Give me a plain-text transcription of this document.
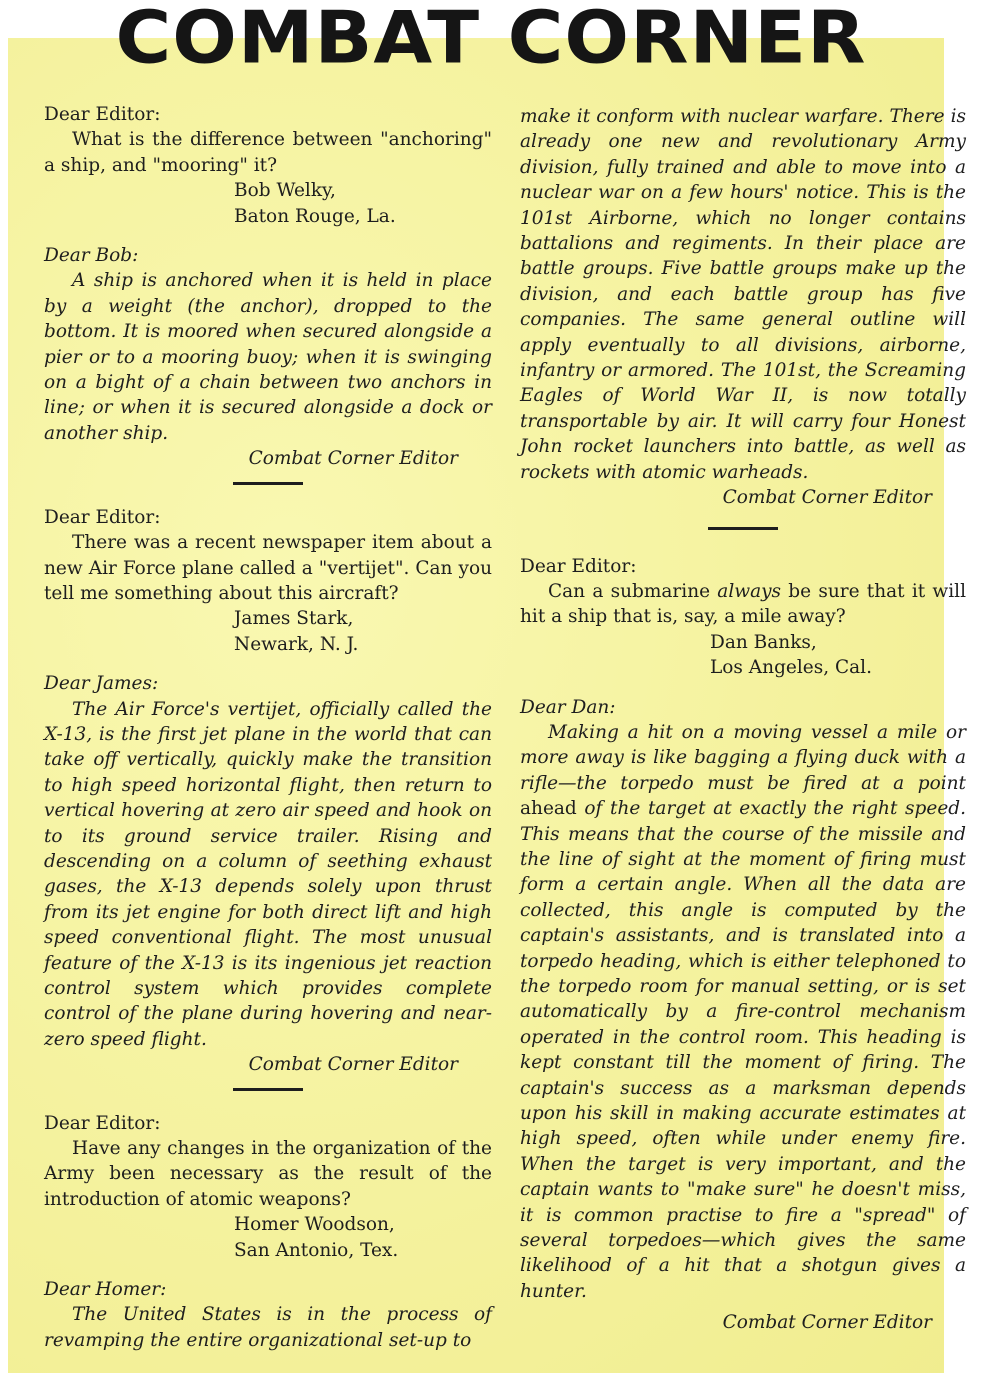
COMBAT CORNER

Dear Editor:

What is the difference between "anchoring" a ship, and "mooring" it?

Bob Welky,

Baton Rouge, La.

Dear Bob:

A ship is anchored when it is held in place by a weight (the anchor), dropped to the bottom. It is moored when secured alongside a pier or to a mooring buoy; when it is swinging on a bight of a chain between two anchors in line; or when it is secured alongside a dock or another ship.

Combat Corner Editor

Dear Editor:

There was a recent newspaper item about a new Air Force plane called a "vertijet". Can you tell me something about this aircraft?

James Stark,

Newark, N. J.

Dear James:

The Air Force's vertijet, officially called the X-13, is the first jet plane in the world that can take off vertically, quickly make the transition to high speed horizontal flight, then return to vertical hovering at zero air speed and hook on to its ground service trailer. Rising and descending on a column of seething exhaust gases, the X-13 depends solely upon thrust from its jet engine for both direct lift and high speed conventional flight. The most unusual feature of the X-13 is its ingenious jet reaction control system which provides complete control of the plane during hovering and near-zero speed flight.

Combat Corner Editor

Dear Editor:

Have any changes in the organization of the Army been necessary as the result of the introduction of atomic weapons?

Homer Woodson,

San Antonio, Tex.

Dear Homer:

The United States is in the process of revamping the entire organizational set-up to

make it conform with nuclear warfare. There is already one new and revolutionary Army division, fully trained and able to move into a nuclear war on a few hours' notice. This is the 101st Airborne, which no longer contains battalions and regiments. In their place are battle groups. Five battle groups make up the division, and each battle group has five companies. The same general outline will apply eventually to all divisions, airborne, infantry or armored. The 101st, the Screaming Eagles of World War II, is now totally transportable by air. It will carry four Honest John rocket launchers into battle, as well as rockets with atomic warheads.

Combat Corner Editor

Dear Editor:

Can a submarine always be sure that it will hit a ship that is, say, a mile away?

Dan Banks,

Los Angeles, Cal.

Dear Dan:

Making a hit on a moving vessel a mile or more away is like bagging a flying duck with a rifle—the torpedo must be fired at a point ahead of the target at exactly the right speed. This means that the course of the missile and the line of sight at the moment of firing must form a certain angle. When all the data are collected, this angle is computed by the captain's assistants, and is translated into a torpedo heading, which is either telephoned to the torpedo room for manual setting, or is set automatically by a fire-control mechanism operated in the control room. This heading is kept constant till the moment of firing. The captain's success as a marksman depends upon his skill in making accurate estimates at high speed, often while under enemy fire. When the target is very important, and the captain wants to "make sure" he doesn't miss, it is common practise to fire a "spread" of several torpedoes—which gives the same likelihood of a hit that a shotgun gives a hunter.

Combat Corner Editor
